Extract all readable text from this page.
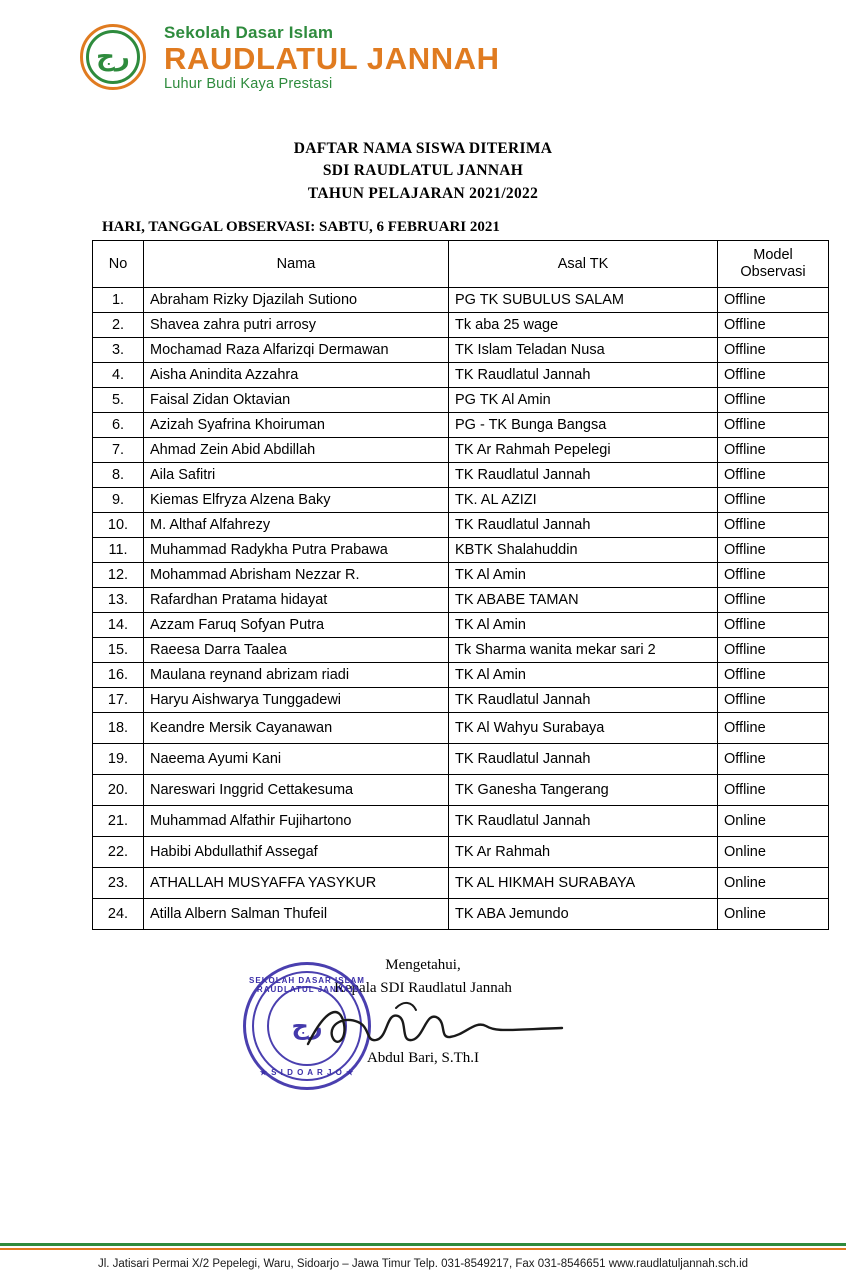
رج
Sekolah Dasar Islam
RAUDLATUL JANNAH
Luhur Budi Kaya Prestasi
DAFTAR NAMA SISWA DITERIMA
SDI RAUDLATUL JANNAH
TAHUN PELAJARAN 2021/2022
HARI, TANGGAL OBSERVASI: SABTU, 6 FEBRUARI 2021
No	Nama	Asal TK	Model
Observasi

1.	Abraham Rizky Djazilah Sutiono	PG TK SUBULUS SALAM	Offline
2.	Shavea zahra putri arrosy	Tk aba 25 wage	Offline
3.	Mochamad Raza Alfarizqi Dermawan	TK Islam Teladan Nusa	Offline
4.	Aisha Anindita Azzahra	TK Raudlatul Jannah	Offline
5.	Faisal Zidan Oktavian	PG TK Al Amin	Offline
6.	Azizah Syafrina Khoiruman	PG - TK Bunga Bangsa	Offline
7.	Ahmad Zein Abid Abdillah	TK Ar Rahmah Pepelegi	Offline
8.	Aila Safitri	TK Raudlatul Jannah	Offline
9.	Kiemas Elfryza Alzena Baky	TK. AL AZIZI	Offline
10.	M. Althaf Alfahrezy	TK Raudlatul Jannah	Offline
11.	Muhammad Radykha Putra Prabawa	KBTK Shalahuddin	Offline
12.	Mohammad Abrisham Nezzar R.	TK Al Amin	Offline
13.	Rafardhan Pratama hidayat	TK ABABE TAMAN	Offline
14.	Azzam Faruq Sofyan Putra	TK Al Amin	Offline
15.	Raeesa Darra Taalea	Tk Sharma wanita mekar sari 2	Offline
16.	Maulana reynand abrizam riadi	TK Al Amin	Offline
17.	Haryu Aishwarya Tunggadewi	TK Raudlatul Jannah	Offline
18.	Keandre Mersik Cayanawan	TK Al Wahyu Surabaya	Offline
19.	Naeema Ayumi Kani	TK Raudlatul Jannah	Offline
20.	Nareswari Inggrid Cettakesuma	TK Ganesha Tangerang	Offline
21.	Muhammad Alfathir Fujihartono	TK Raudlatul Jannah	Online
22.	Habibi Abdullathif Assegaf	TK Ar Rahmah	Online
23.	ATHALLAH MUSYAFFA YASYKUR	TK AL HIKMAH SURABAYA	Online
24.	Atilla Albern Salman Thufeil	TK ABA Jemundo	Online
Mengetahui,
Kepala SDI Raudlatul Jannah
SEKOLAH DASAR ISLAM RAUDLATUL JANNAH
رج
★ S I D O A R J O ★
Abdul Bari, S.Th.I
Jl. Jatisari Permai X/2 Pepelegi, Waru, Sidoarjo – Jawa Timur Telp. 031-8549217, Fax 031-8546651 www.raudlatuljannah.sch.id
